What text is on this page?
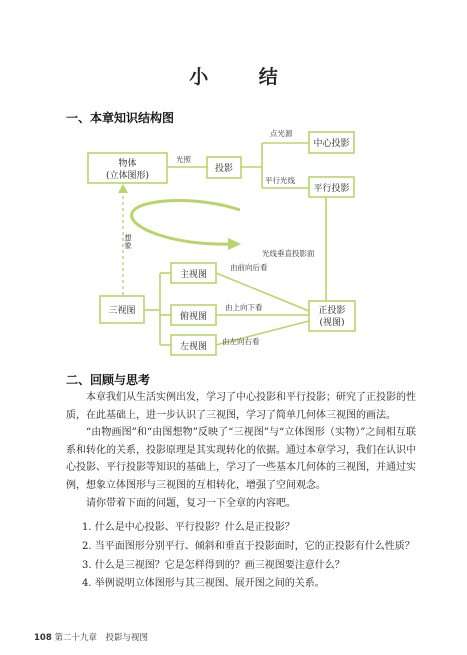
小 结
一、本章知识结构图
物体
(立体图形)
投影
中心投影
平行投影
三视图
主视图
俯视图
左视图
正投影
(视图)
光照
点光源
平行光线
光线垂直投影面
由前向后看
由上向下看
由左向右看
想象
二、回顾与思考

本章我们从生活实例出发，学习了中心投影和平行投影；研究了正投影的性质，在此基础上，进一步认识了三视图，学习了简单几何体三视图的画法。

“由物画图”和“由图想物”反映了“三视图”与“立体图形（实物）”之间相互联系和转化的关系，投影原理是其实现转化的依据。通过本章学习，我们在认识中心投影、平行投影等知识的基础上，学习了一些基本几何体的三视图，并通过实例，想象立体图形与三视图的互相转化，增强了空间观念。

请你带着下面的问题，复习一下全章的内容吧。

1. 什么是中心投影、平行投影？什么是正投影？
2. 当平面图形分别平行、倾斜和垂直于投影面时，它的正投影有什么性质？
3. 什么是三视图？它是怎样得到的？画三视图要注意什么？
4. 举例说明立体图形与其三视图、展开图之间的关系。
108 第二十九章　投影与视图
